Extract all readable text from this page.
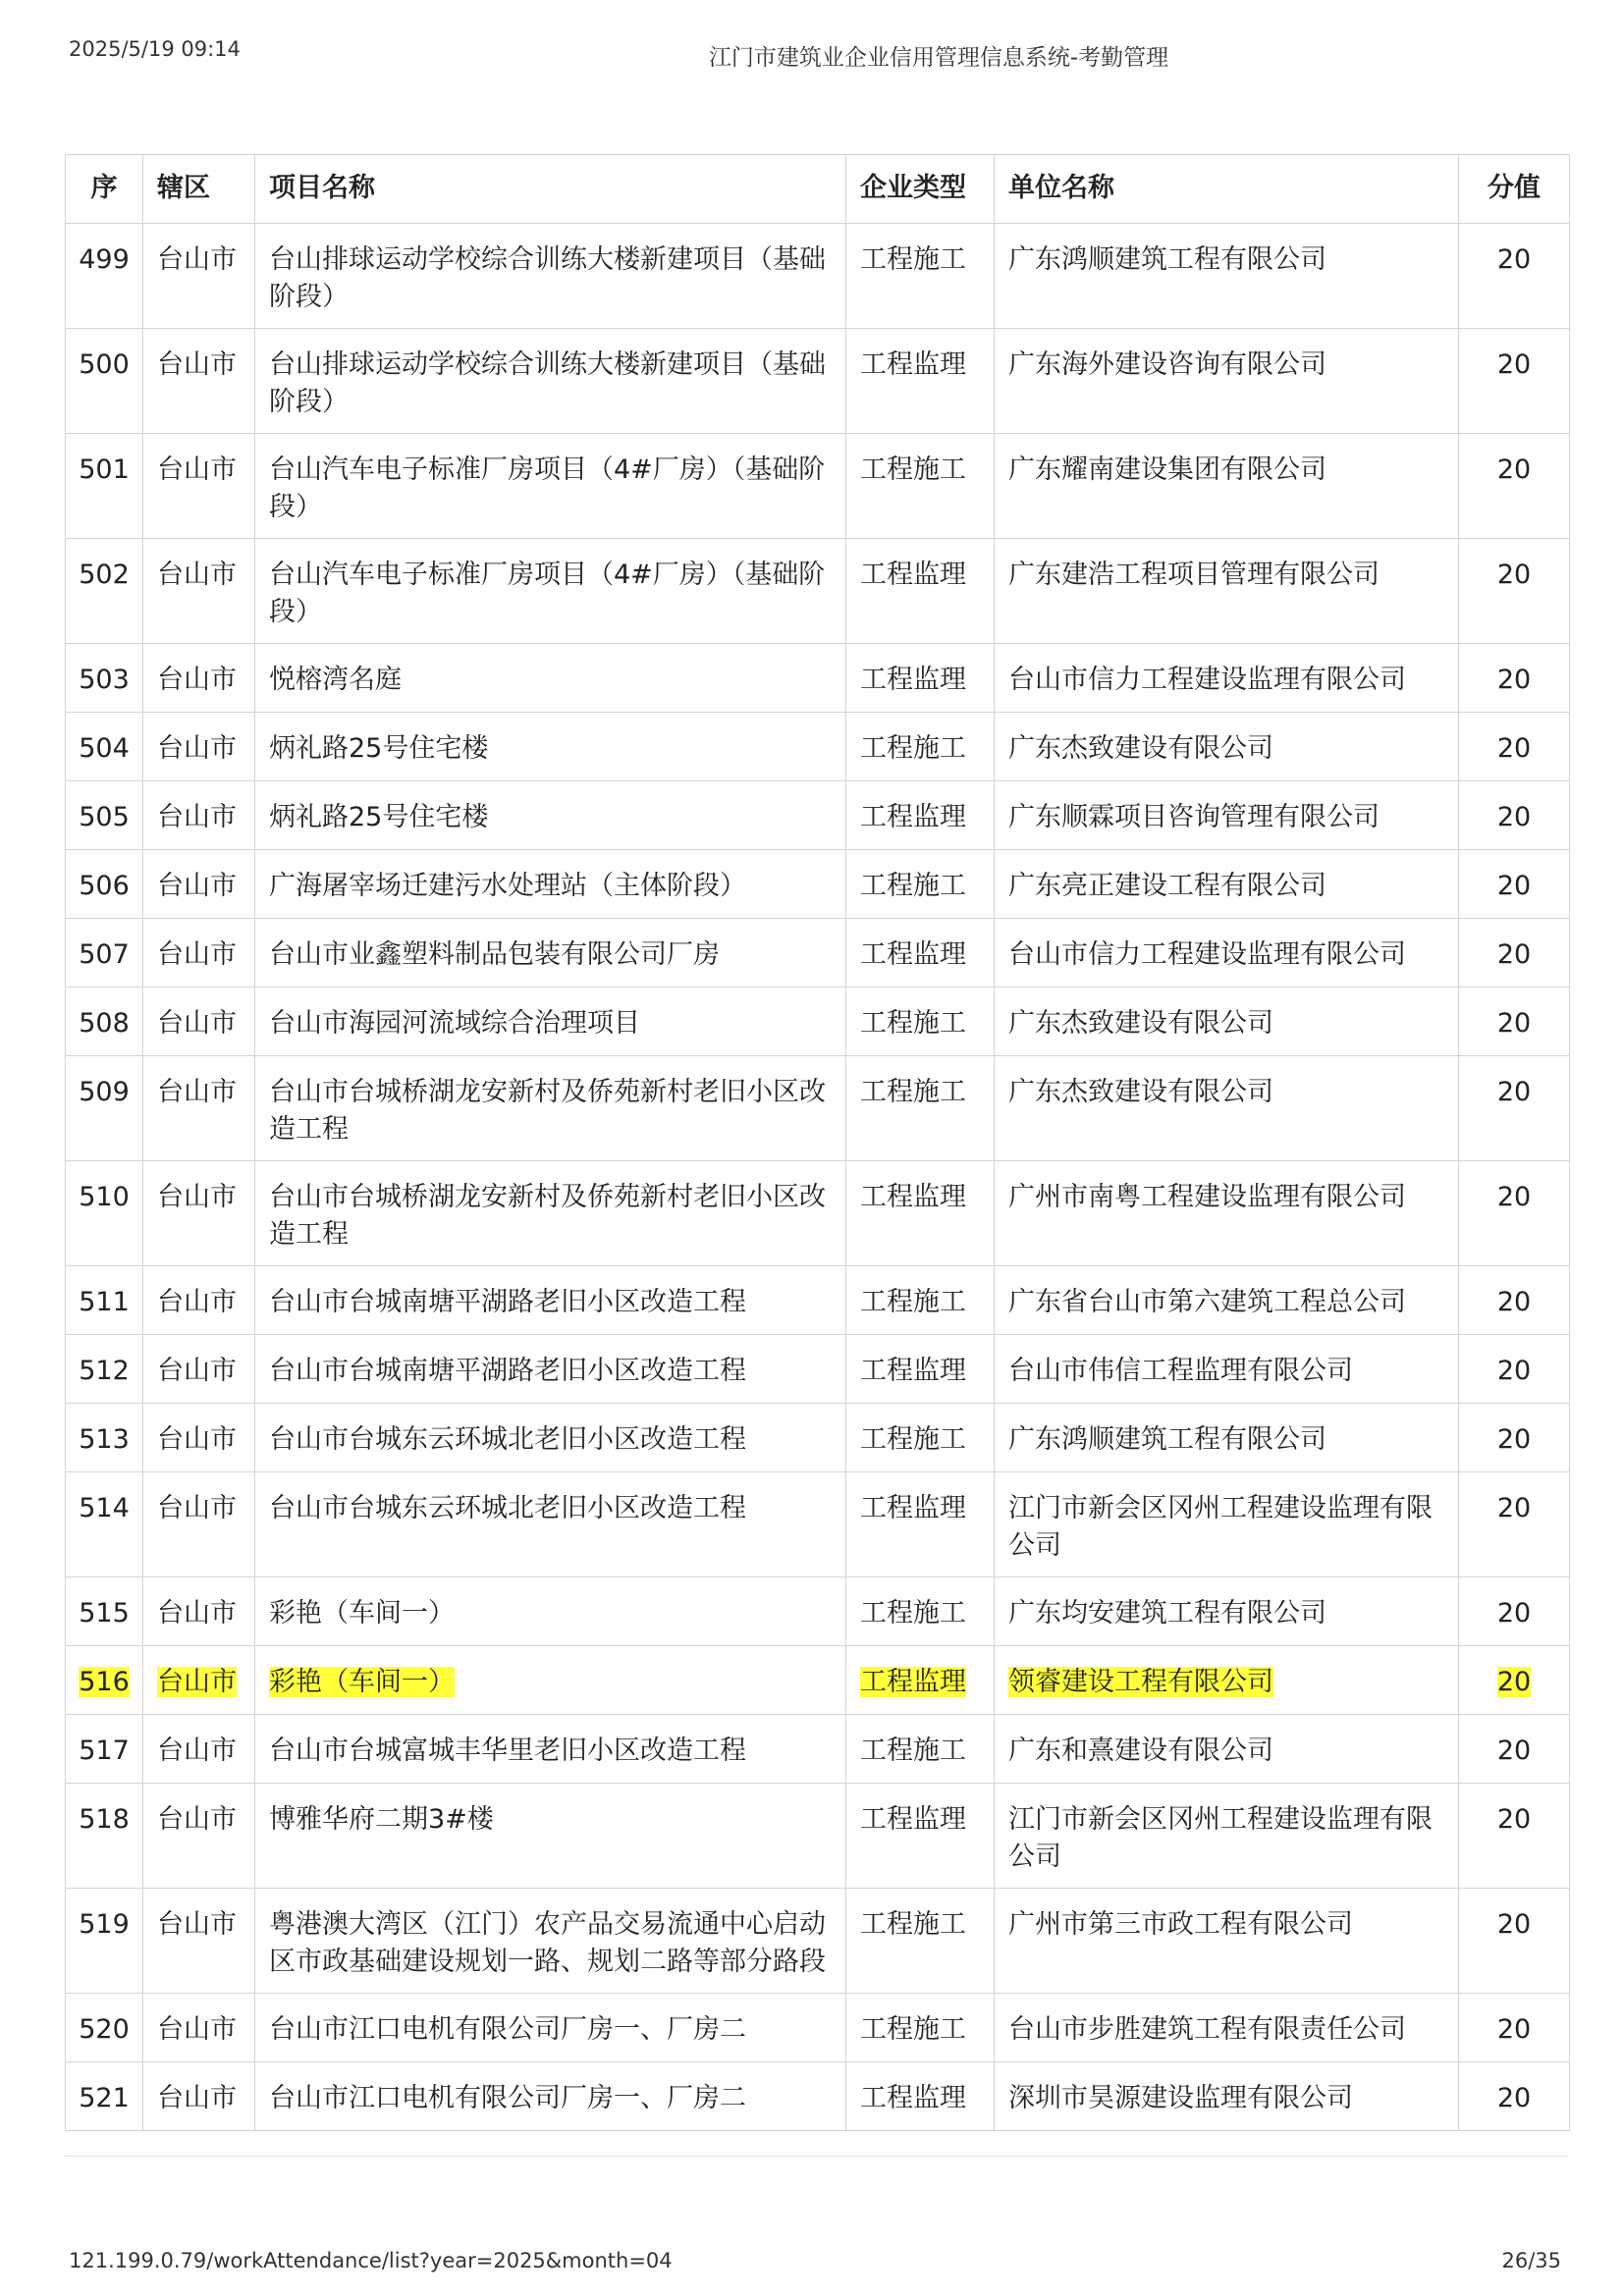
2025/5/19 09:14	江门市建筑业企业信用管理信息系统-考勤管理
序	辖区	项目名称	企业类型	单位名称	分值
499	台山市	台山排球运动学校综合训练大楼新建项目（基础阶段）	工程施工	广东鸿顺建筑工程有限公司	20
500	台山市	台山排球运动学校综合训练大楼新建项目（基础阶段）	工程监理	广东海外建设咨询有限公司	20
501	台山市	台山汽车电子标准厂房项目（4#厂房）（基础阶段）	工程施工	广东耀南建设集团有限公司	20
502	台山市	台山汽车电子标准厂房项目（4#厂房）（基础阶段）	工程监理	广东建浩工程项目管理有限公司	20
503	台山市	悦榕湾名庭	工程监理	台山市信力工程建设监理有限公司	20
504	台山市	炳礼路25号住宅楼	工程施工	广东杰致建设有限公司	20
505	台山市	炳礼路25号住宅楼	工程监理	广东顺霖项目咨询管理有限公司	20
506	台山市	广海屠宰场迁建污水处理站（主体阶段）	工程施工	广东亮正建设工程有限公司	20
507	台山市	台山市业鑫塑料制品包装有限公司厂房	工程监理	台山市信力工程建设监理有限公司	20
508	台山市	台山市海园河流域综合治理项目	工程施工	广东杰致建设有限公司	20
509	台山市	台山市台城桥湖龙安新村及侨苑新村老旧小区改造工程	工程施工	广东杰致建设有限公司	20
510	台山市	台山市台城桥湖龙安新村及侨苑新村老旧小区改造工程	工程监理	广州市南粤工程建设监理有限公司	20
511	台山市	台山市台城南塘平湖路老旧小区改造工程	工程施工	广东省台山市第六建筑工程总公司	20
512	台山市	台山市台城南塘平湖路老旧小区改造工程	工程监理	台山市伟信工程监理有限公司	20
513	台山市	台山市台城东云环城北老旧小区改造工程	工程施工	广东鸿顺建筑工程有限公司	20
514	台山市	台山市台城东云环城北老旧小区改造工程	工程监理	江门市新会区冈州工程建设监理有限公司	20
515	台山市	彩艳（车间一）	工程施工	广东均安建筑工程有限公司	20
516	台山市	彩艳（车间一）	工程监理	领睿建设工程有限公司	20
517	台山市	台山市台城富城丰华里老旧小区改造工程	工程施工	广东和熹建设有限公司	20
518	台山市	博雅华府二期3#楼	工程监理	江门市新会区冈州工程建设监理有限公司	20
519	台山市	粤港澳大湾区（江门）农产品交易流通中心启动区市政基础建设规划一路、规划二路等部分路段	工程施工	广州市第三市政工程有限公司	20
520	台山市	台山市江口电机有限公司厂房一、厂房二	工程施工	台山市步胜建筑工程有限责任公司	20
521	台山市	台山市江口电机有限公司厂房一、厂房二	工程监理	深圳市昊源建设监理有限公司	20
121.199.0.79/workAttendance/list?year=2025&month=04	26/35
